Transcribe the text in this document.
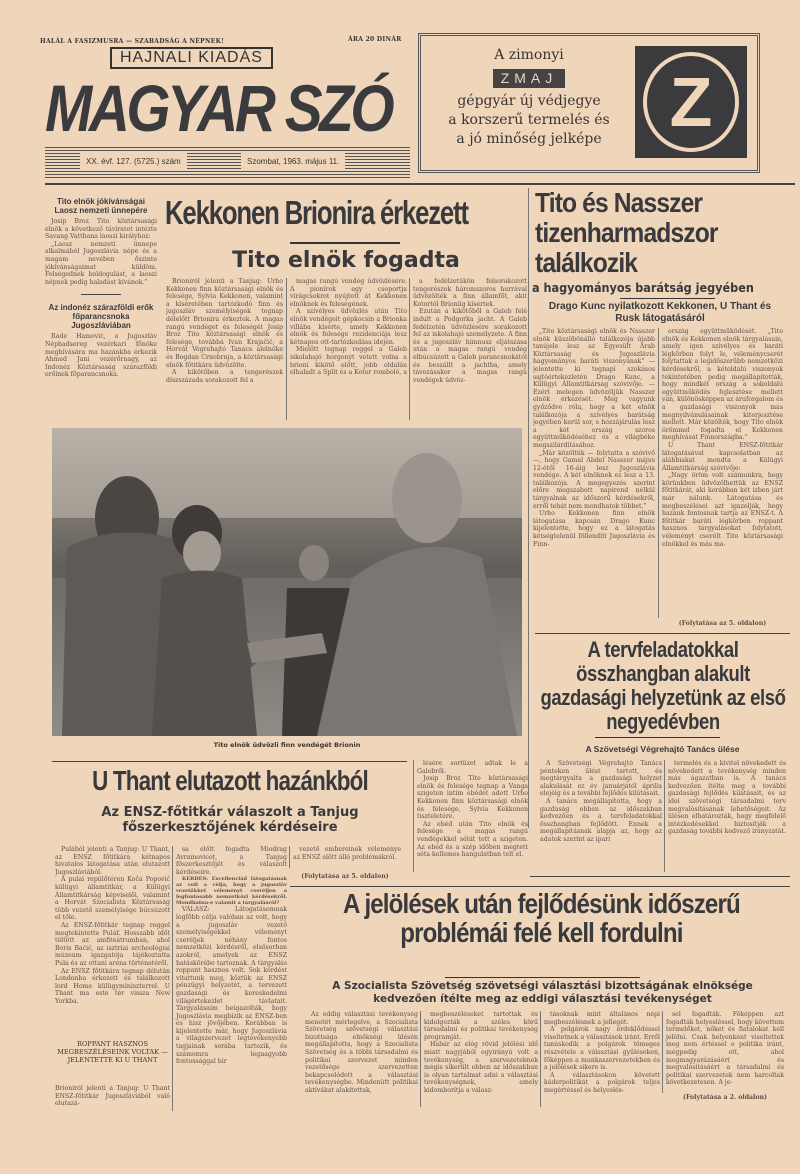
HALÁL A FASIZMUSRA — SZABADSÁG A NÉPNEK!	ÁRA 20 DINÁR
HAJNALI KIADÁS
MAGYAR SZÓ
XX. évf. 127. (5725.) szám	Szombat, 1963. május 11.
A zimonyi
ZMAJ
gépgyár új védjegye
a korszerű termelés és
a jó minőség jelképe Z
Tito elnök jókívánságai Laosz nemzeti ünnepére

Josip Broz Tito köztársasági elnök a következő táviratot intézte Savang Vatthana laoszi királyhoz:

„Laosz nemzeti ünnepe alkalmából Jugoszlávia népe és a magam nevében őszinte jókívánságaimat küldöm. Felségednek boldogulást, a laoszi népnek pedig haladást kívánok.”

Az indonéz szárazföldi erők főparancsnoka Jugoszláviában

Rade Hamović, a Jugoszláv Néphadsereg vezérkari főnöke meghívására ma hazánkba érkezik Ahmed Jani vezérőrnagy, az Indonéz Köztársaság szárazföldi erőinek főparancsnoka.

Kekkonen Brionira érkezett
Tito elnök fogadta

Brioniról jelenti a Tanjug: Urho Kekkonen finn köztársasági elnök és felesége, Sylvia Kekkonen, valamint a kíséretében tartózkodó finn és jugoszláv személyiségek tegnap délelőtt Brionira érkeztek. A magas rangú vendéget és feleségét Josip Broz Tito köztársasági elnök és felesége, továbbá Ivan Krajačić, a Horvát Végrehajtó Tanács alelnöke és Bogdan Crnobrnja, a köztársasági elnök főtitkára üdvözölte.

A kikötőben a tengerészek díszszázada sorakozott fel a

magas rangú vendég üdvözlésére. A pionírok egy csoportja virágcsokrot nyújtott át Kekkonen elnöknek és feleségének.

A szívélyes üdvözlés után Tito elnök vendégeit gépkocsin a Brionka villába kísérte, amely Kekkonen elnök és felesége rezidenciája lesz kétnapos ott-tartózkodása idején.

Mielőtt tegnap reggel a Galeb iskolahajó horgonyt vetett volna a brioni kikötő előtt, jobb oldalán elhaladt a Split és a Kotor romboló, a

a fedélzetükön felsorakozott tengerészek háromszoros hurrával üdvözölték a finn államfőt, akit Kotortól Brioniig kísértek.

Ezután a kikötőből a Galeb felé indult a Podgorka jacht. A Galeb fedélzetén üdvözlésére sorakozott fel az iskolahajó személyzete. A finn és a jugoszláv himnusz eljátszása után a magas rangú vendég elbúcsúzott a Galeb parancsnokától és beszállt a jachtba, amely távozásakor a magas rangú vendégek üdvöz-

Tito elnök üdvözli finn vendégét Brionin
Tito és Nasszer tizenharmadszor találkozik
a hagyományos barátság jegyében
Drago Kunc nyilatkozott Kekkonen, U Thant és Rusk látogatásáról

„Tito köztársasági elnök és Nasszer elnök küszöbönálló találkozója újabb tanújele lesz az Egyesült Arab Köztársaság és Jugoszlávia hagyományos baráti viszonyának” — jelentette ki tegnapi szokásos sajtóértekezletén Drago Kunc, a Külügyi Államtitkárság szóvivője. — Ezért melegen üdvözöljük Nasszer elnök érkezését. Meg vagyunk győződve róla, hogy a két elnök találkozója a szívélyes barátság jegyében kerül sor, s hozzájárulás lesz a két ország szoros együttműködéséhez és a világbéke megszilárdításához.

„Már közöltük — folytatta a szóvivő —, hogy Gamal Abdel Nasszer május 12-étől 16-áig lesz Jugoszlávia vendége. A két elnöknek ez lesz a 13. találkozója. A megegyezés szerint előre megszabott napirend nélkül tárgyalnak az időszerű kérdésekről, erről tehát nem mondhatok többet.”

Urho Kekkonen finn elnök látogatása kapcsán Drago Kunc kijelentette, hogy ez a látogatás kétségtelenül föllendíti Jugoszlávia és Finn-

ország együttműködését. „Tito elnök és Kekkonen elnök tárgyalásain, amely igen szívélyes és baráti légkörben folyt le, véleménycserét folytattak a legidőszerűbb nemzetközi kérdésekről, a kétoldalú viszonyok tekintetében pedig megállapították, hogy mindkét ország a sokoldalú együttműködés fejlesztése mellett van, különösképpen az áruforgalom és a gazdasági viszonyok más megnyilvánulásainak kiterjesztése mellett. Már közölték, hogy Tito elnök örömmel fogadta el Kekkonen meghívását Finnországba.”

U Thant ENSZ-főtitkár látogatásával kapcsolatban az alábbiakat mondta a Külügyi Államtitkárság szóvivője:

„Nagy öröm volt számunkra, hogy körünkben üdvözölhettük az ENSZ főtitkárát, aki korábban két ízben járt már nálunk. Látogatása és megbeszélései azt igazolják, hogy hazánk fontosnak tartja az ENSZ-t. A főtitkár baráti légkörben roppant hasznos tárgyalásokat folytatott, véleményt cserélt Tito köztársasági elnökkel és más ma-

(Folytatása az 5. oldalon)
A tervfeladatokkal összhangban alakult gazdasági helyzetünk az első negyedévben
A Szövetségi Végrehajtó Tanács ülése

A Szövetségi Végrehajtó Tanács pénteken ülést tartott, és megtárgyalta a gazdasági helyzet alakulását ez év januárjától április elejéig és a további fejlődés kilátásait.

A tanács megállapította, hogy a gazdaság ebben az időszakban kedvezően és a tervfeladatokkal összhangban fejlődött. Ennek a megállapításnak alapja az, hogy az adatok szerint az ipari

termelés és a kivitel növekedett és növekedett a tevékenység minden más ágazatban is. A tanács kedvezően ítélte meg a további gazdasági fejlődés kilátásait, és az idei szövetségi társadalmi terv megvalósításának lehetőségeit. Az ülésen elhatározták, hogy megfelelő intézkedésekkel biztosítják a gazdaság további kedvező irányzatát.

U Thant elutazott hazánkból
Az ENSZ-főtitkár válaszolt a Tanjug főszerkesztőjének kérdéseire

Pulából jelenti a Tanjug: U Thant, az ENSZ főtitkára kétnapos hivatalos látogatása után elutazott Jugoszláviából.

A pulai repülőtéren Koča Popović külügyi államtitkár, a Külügyi Államtitkárság képviselői, valamint a Horvát Szocialista Köztársaság több vezető személyisége búcsúzott el tőle.

Az ENSZ-főtitkár tegnap reggel megtekintette Puláf. Hosszabb időt töltött az amfiteátrumban, ahol Boris Baćić, az isztriai archeológiai múzeum igazgatója tájékoztatta Pula és az ottani aréna történetéről.

Az ENSZ főtitkára tegnap délután Londonba érkezett és találkozott lord Home külügyminiszterrel. U Thant ma este tér vissza New Yorkba.

ROPPANT HASZNOS MEGBESZÉLÉSEINK VOLTAK — JELENTETTE KI U THANT
Brioniról jelenti a Tanjug: U Thant ENSZ-főtitkár Jugoszláviából való elutazá-

sa előtt fogadta Miodrag Avramovicot, a Tanjug főszerkesztőjét és válaszolt kérdéseire.

KÉRDÉS: Excellenciád látogatásnak az volt a célja, hogy a jugoszláv vezetőkkel véleményt cseréljen a legfontosabb nemzetközi kérdésekről. Mondhatna-e valamit a tárgyalásról?

VÁLASZ: Látogatásomnak legfőbb célja valóban az volt, hogy a jugoszláv vezető személyiségekkel véleményt cseréljek néhány fontos nemzetközi kérdésről, elsősorban azokról, amelyek az ENSZ hatáskörébe tartoznak. A tárgyalás roppant hasznos volt. Sok kérdést vitattunk meg, köztük az ENSZ pénzügyi helyzetét, a tervezett gazdasági és kereskedelmi világértekezlet távlatait. Tárgyalásaim beigazolták, hogy Jugoszlávia megbízik az ENSZ-ben és hisz jövőjében. Korábban is kijelentette már, hogy Jugoszlávia a világszervezet legtevékenyebb tagjainak sorába tartozik, és számomra legnagyobb fontossággal bír

vezető embereinek véleménye az ENSZ előtt álló problémákról.

(Folytatása az 5. oldalon)

lésére sortüzet adtak le a Galebről.

Josip Broz Tito köztársasági elnök és felesége tegnap a Vanga szigeten intim ebédet adott Urho Kekkonen finn köztársasági elnök és felesége, Sylvia Kekkonen tiszteletére.

Az ebéd után Tito elnök és felesége a magas rangú vendégekkel sétát tett a szigeten. Az ebéd és a szép időben megtett séta kellemes hangulatban telt el.

A jelölések után fejlődésünk időszerű problémái felé kell fordulni
A Szocialista Szövetség szövetségi választási bizottságának elnöksége kedvezően ítélte meg az eddigi választási tevékenységet

Az eddig választási tevékenység menetét mérlegelve, a Szocialista Szövetség szövetségi választási bizottsága elnökségi ülésén megállapította, hogy a Szocialista Szövetség és a többi társadalmi és politikai szervezet minden vezetősége szervezetten bekapcsolódott a választási tevékenységbe. Mindenütt politikai aktívákat alakítottak,

megbeszéléseket tartottak és kidolgozták a széles körű társadalmi és politikai tevékenység programját.

Habár az elég rövid jelölési idő miatt nagyjából egyirányú volt a tevékenység, a szervezeteknek mégis sikerült ebben az időszakban is olyan tartalmat adni a választási tevékenységnek, amely kidomborítja a válasz-

tásoknak mint általános népi megbeszélésnek a jellegét.

A polgárok nagy érdeklődéssel viseltetnek a választások iránt. Erről tanúskodik a polgárok tömeges részvétele a választási gyűléseken, főképpen a munkaszervezetekben és a jelölések sikere is.

A választásokon követett káderpolitikát a polgárok teljes megértéssel és helyeslés-

sel fogadták. Főképpen azt fogadták helyesléssel, hogy követtem termelőket, nőket és fiatalokat kell jelölni. Csak helyenként viseltettek meg nem értéssel e politika iránt, mégpedig ott, ahol megmagyarázásáért és megvalósításáért a társadalmi és politikai szervezetek nem harcoltak következetesen. A je-

(Folytatása a 2. oldalon)
